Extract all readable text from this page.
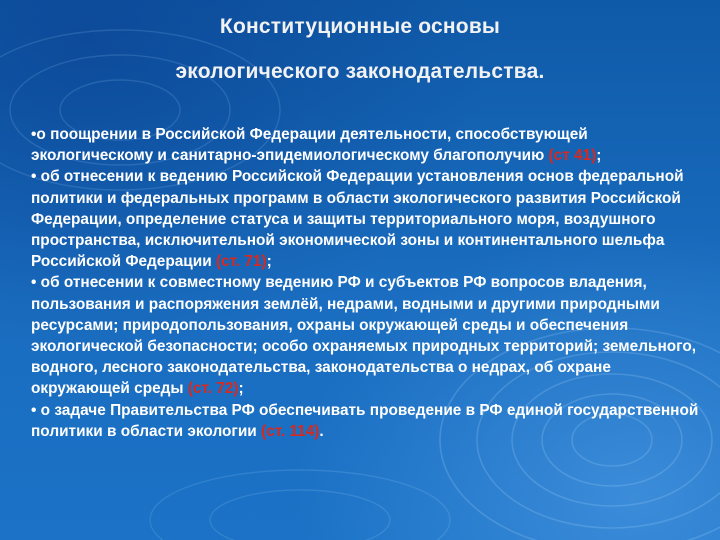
Конституционные основы
экологического законодательства.

•о поощрении в Российской Федерации деятельности, способствующей экологическому и санитарно-эпидемиологическому благополучию (ст 41);

• об отнесении к ведению Российской Федерации установления основ федеральной политики и федеральных программ в области экологического развития Российской Федерации, определение статуса и защиты территориального моря, воздушного пространства, исключительной экономической зоны и континентального шельфа Российской Федерации (ст. 71);

• об отнесении к совместному ведению РФ и субъектов РФ вопросов владения, пользования и распоряжения землёй, недрами, водными и другими природными ресурсами; природопользования, охраны окружающей среды и обеспечения экологической безопасности; особо охраняемых природных территорий; земельного, водного, лесного законодательства, законодательства о недрах, об охране окружающей среды (ст. 72);

• о задаче Правительства РФ обеспечивать проведение в РФ единой государственной политики в области экологии (ст. 114).
